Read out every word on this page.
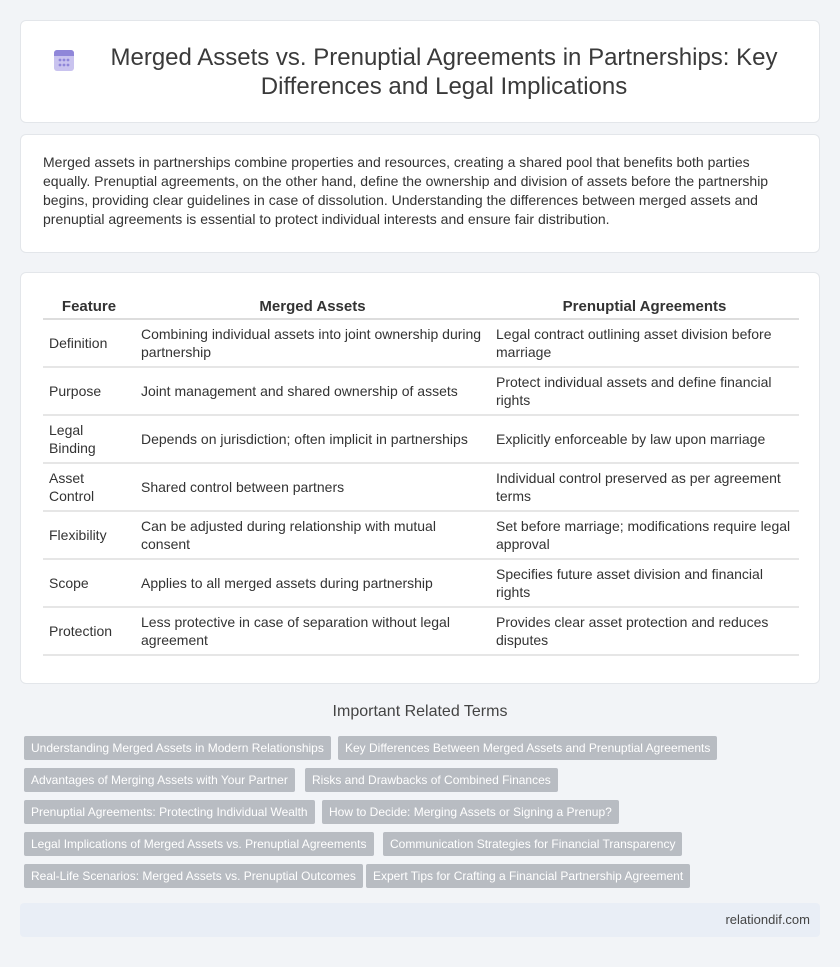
Merged Assets vs. Prenuptial Agreements in Partnerships: Key Differences and Legal Implications

Merged assets in partnerships combine properties and resources, creating a shared pool that benefits both parties equally. Prenuptial agreements, on the other hand, define the ownership and division of assets before the partnership begins, providing clear guidelines in case of dissolution. Understanding the differences between merged assets and prenuptial agreements is essential to protect individual interests and ensure fair distribution.

Feature	Merged Assets	Prenuptial Agreements
Definition	Combining individual assets into joint ownership during partnership	Legal contract outlining asset division before marriage
Purpose	Joint management and shared ownership of assets	Protect individual assets and define financial rights
Legal Binding	Depends on jurisdiction; often implicit in partnerships	Explicitly enforceable by law upon marriage
Asset Control	Shared control between partners	Individual control preserved as per agreement terms
Flexibility	Can be adjusted during relationship with mutual consent	Set before marriage; modifications require legal approval
Scope	Applies to all merged assets during partnership	Specifies future asset division and financial rights
Protection	Less protective in case of separation without legal agreement	Provides clear asset protection and reduces disputes
Important Related Terms
Understanding Merged Assets in Modern Relationships	Key Differences Between Merged Assets and Prenuptial Agreements
Advantages of Merging Assets with Your Partner	Risks and Drawbacks of Combined Finances
Prenuptial Agreements: Protecting Individual Wealth	How to Decide: Merging Assets or Signing a Prenup?
Legal Implications of Merged Assets vs. Prenuptial Agreements	Communication Strategies for Financial Transparency
Real-Life Scenarios: Merged Assets vs. Prenuptial Outcomes	Expert Tips for Crafting a Financial Partnership Agreement
relationdif.com
